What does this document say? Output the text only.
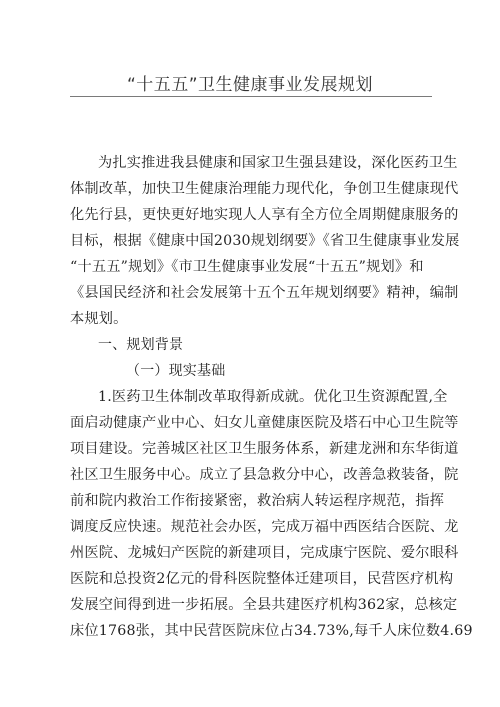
“十五五”卫生健康事业发展规划
为扎实推进我县健康和国家卫生强县建设，深化医药卫生
体制改革，加快卫生健康治理能力现代化，争创卫生健康现代
化先行县，更快更好地实现人人享有全方位全周期健康服务的
目标，根据《健康中国2030规划纲要》《省卫生健康事业发展
“十五五”规划》《市卫生健康事业发展“十五五”规划》和
《县国民经济和社会发展第十五个五年规划纲要》精神，编制
本规划。
一、规划背景
（一）现实基础
1.医药卫生体制改革取得新成就。优化卫生资源配置,全
面启动健康产业中心、妇女儿童健康医院及塔石中心卫生院等
项目建设。完善城区社区卫生服务体系，新建龙洲和东华街道
社区卫生服务中心。成立了县急救分中心，改善急救装备，院
前和院内救治工作衔接紧密，救治病人转运程序规范，指挥
调度反应快速。规范社会办医，完成万福中西医结合医院、龙
州医院、龙城妇产医院的新建项目，完成康宁医院、爱尔眼科
医院和总投资2亿元的骨科医院整体迁建项目，民营医疗机构
发展空间得到进一步拓展。全县共建医疗机构362家，总核定
床位1768张，其中民营医院床位占34.73%,每千人床位数4.69
